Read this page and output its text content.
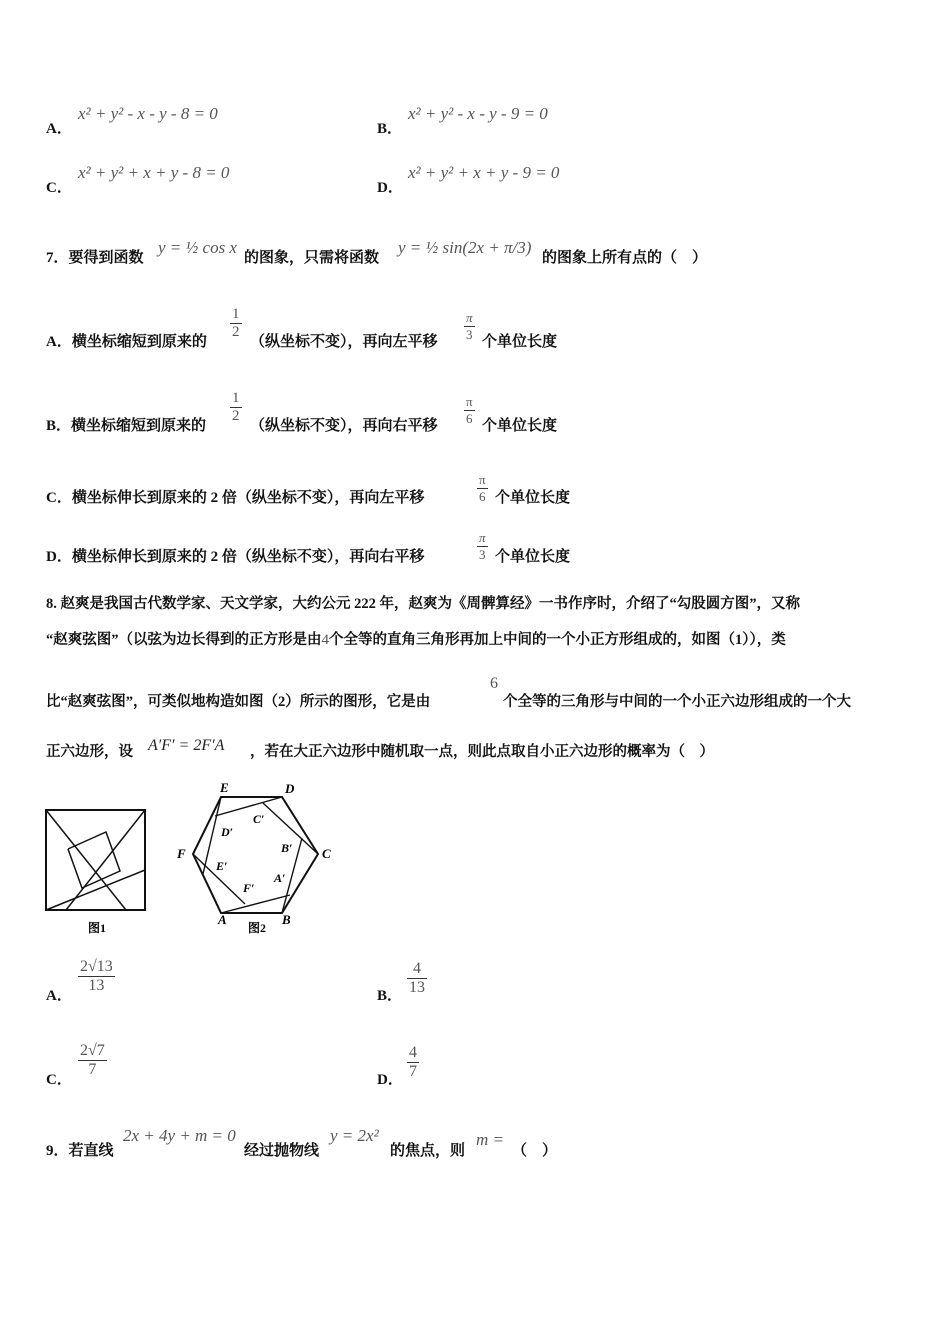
A．
x² + y² - x - y - 8 = 0
B．
x² + y² - x - y - 9 = 0
C．
x² + y² + x + y - 8 = 0
D．
x² + y² + x + y - 9 = 0
7．要得到函数
y = ½ cos x
的图象，只需将函数
y = ½ sin(2x + π/3)
的图象上所有点的（　）
A．横坐标缩短到原来的
$\frac{1}{2}$
（纵坐标不变），再向左平移 $\frac{\pi}{3}$ 个单位长度
B．横坐标缩短到原来的
$\frac{1}{2}$
（纵坐标不变），再向右平移 $\frac{\pi}{6}$ 个单位长度
C．横坐标伸长到原来的 2 倍（纵坐标不变），再向左平移	$\frac{\pi}{6}$ 个单位长度
D．横坐标伸长到原来的 2 倍（纵坐标不变），再向右平移	$\frac{\pi}{3}$ 个单位长度
8. 赵爽是我国古代数学家、天文学家，大约公元 222 年，赵爽为《周髀算经》一书作序时，介绍了“勾股圆方图”，又称
“赵爽弦图”（以弦为边长得到的正方形是由4个全等的直角三角形再加上中间的一个小正方形组成的，如图（1）），类
比“赵爽弦图”，可类似地构造如图（2）所示的图形，它是由
6
个全等的三角形与中间的一个小正六边形组成的一个大
正六边形，设 A′F′ = 2F′A ，若在大正六边形中随机取一点，则此点取自小正六边形的概率为（　）
图1
E	D
C
B
A
F
C′
D′
B′
E′
A′
F′
图2
A．
$\frac{2√13}{13}$
B． $\frac{4}{13}$
C．
$\frac{2√7}{7}$
D． $\frac{4}{7}$
9．若直线
2x + 4y + m = 0
经过抛物线
y = 2x²
的焦点，则
m =
（　）
